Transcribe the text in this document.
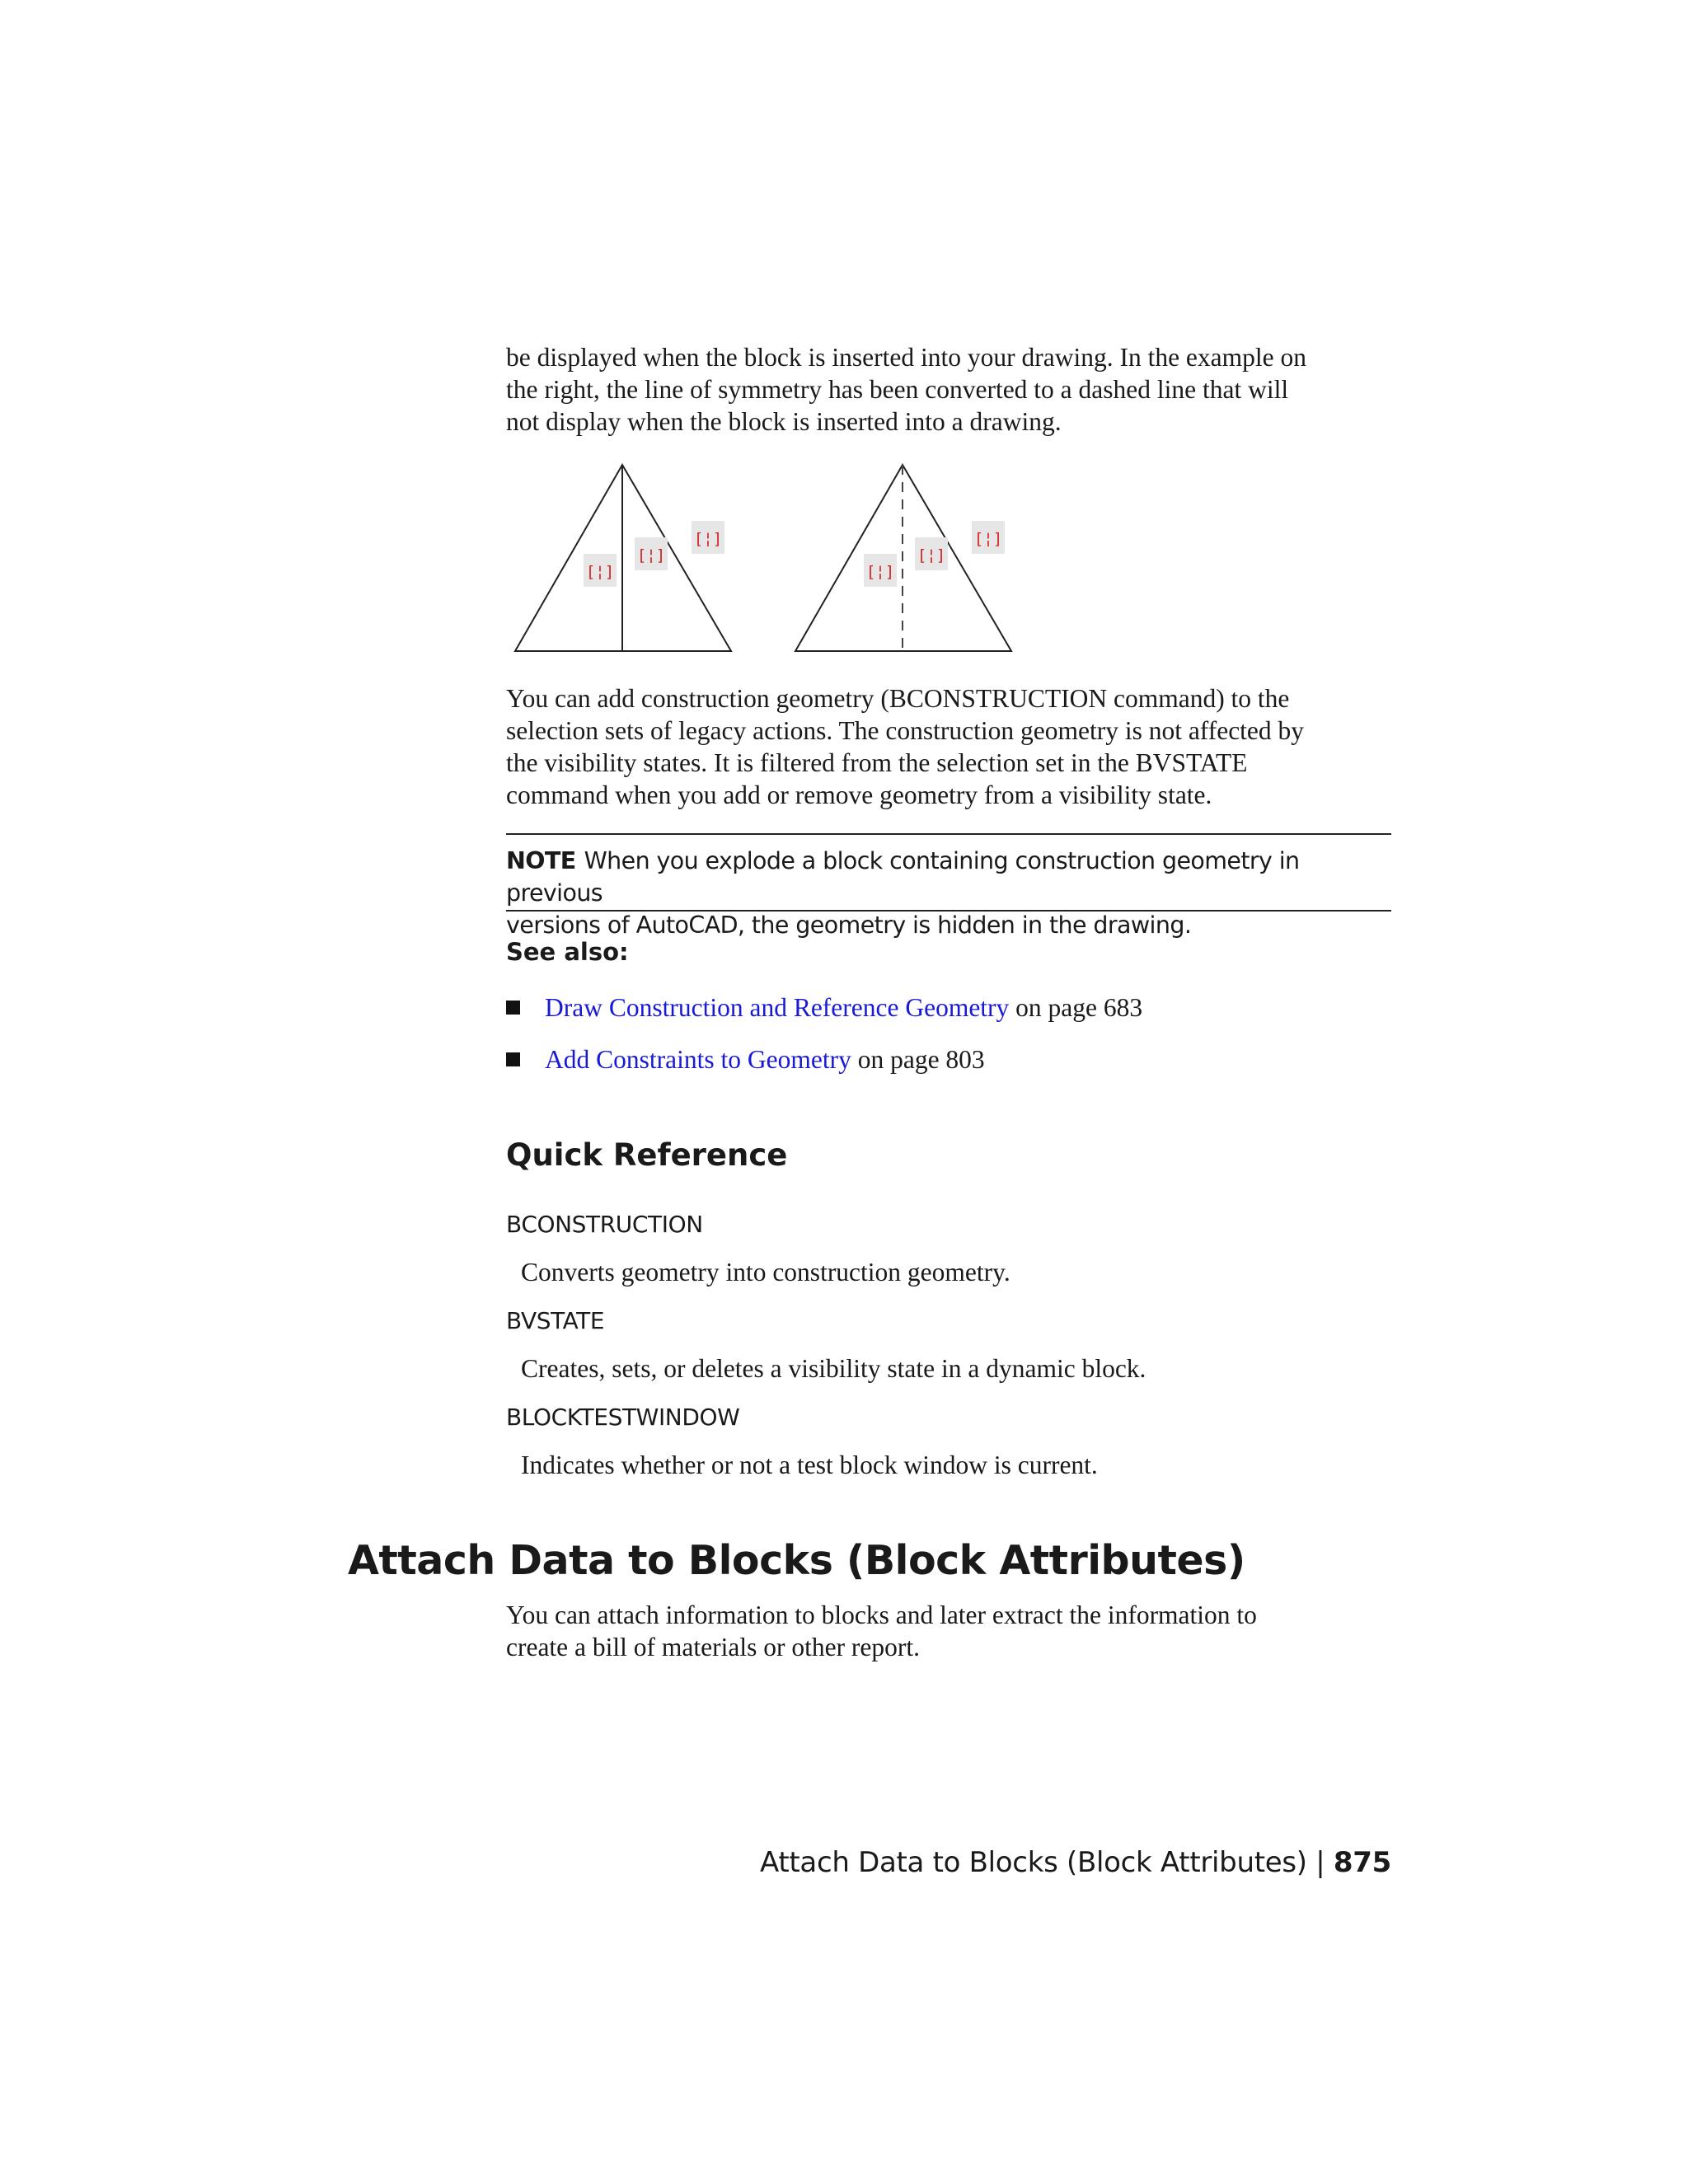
be displayed when the block is inserted into your drawing. In the example on
the right, the line of symmetry has been converted to a dashed line that will
not display when the block is inserted into a drawing.
[¦]
[¦]
[¦]
[¦]
[¦]
[¦]
You can add construction geometry (BCONSTRUCTION command) to the
selection sets of legacy actions. The construction geometry is not affected by
the visibility states. It is filtered from the selection set in the BVSTATE
command when you add or remove geometry from a visibility state.
NOTE When you explode a block containing construction geometry in previous
versions of AutoCAD, the geometry is hidden in the drawing.
See also:
Draw Construction and Reference Geometry on page 683
Add Constraints to Geometry on page 803
Quick Reference

BCONSTRUCTION

Converts geometry into construction geometry.

BVSTATE

Creates, sets, or deletes a visibility state in a dynamic block.

BLOCKTESTWINDOW

Indicates whether or not a test block window is current.

Attach Data to Blocks (Block Attributes)
You can attach information to blocks and later extract the information to
create a bill of materials or other report.

Attach Data to Blocks (Block Attributes) | 875
